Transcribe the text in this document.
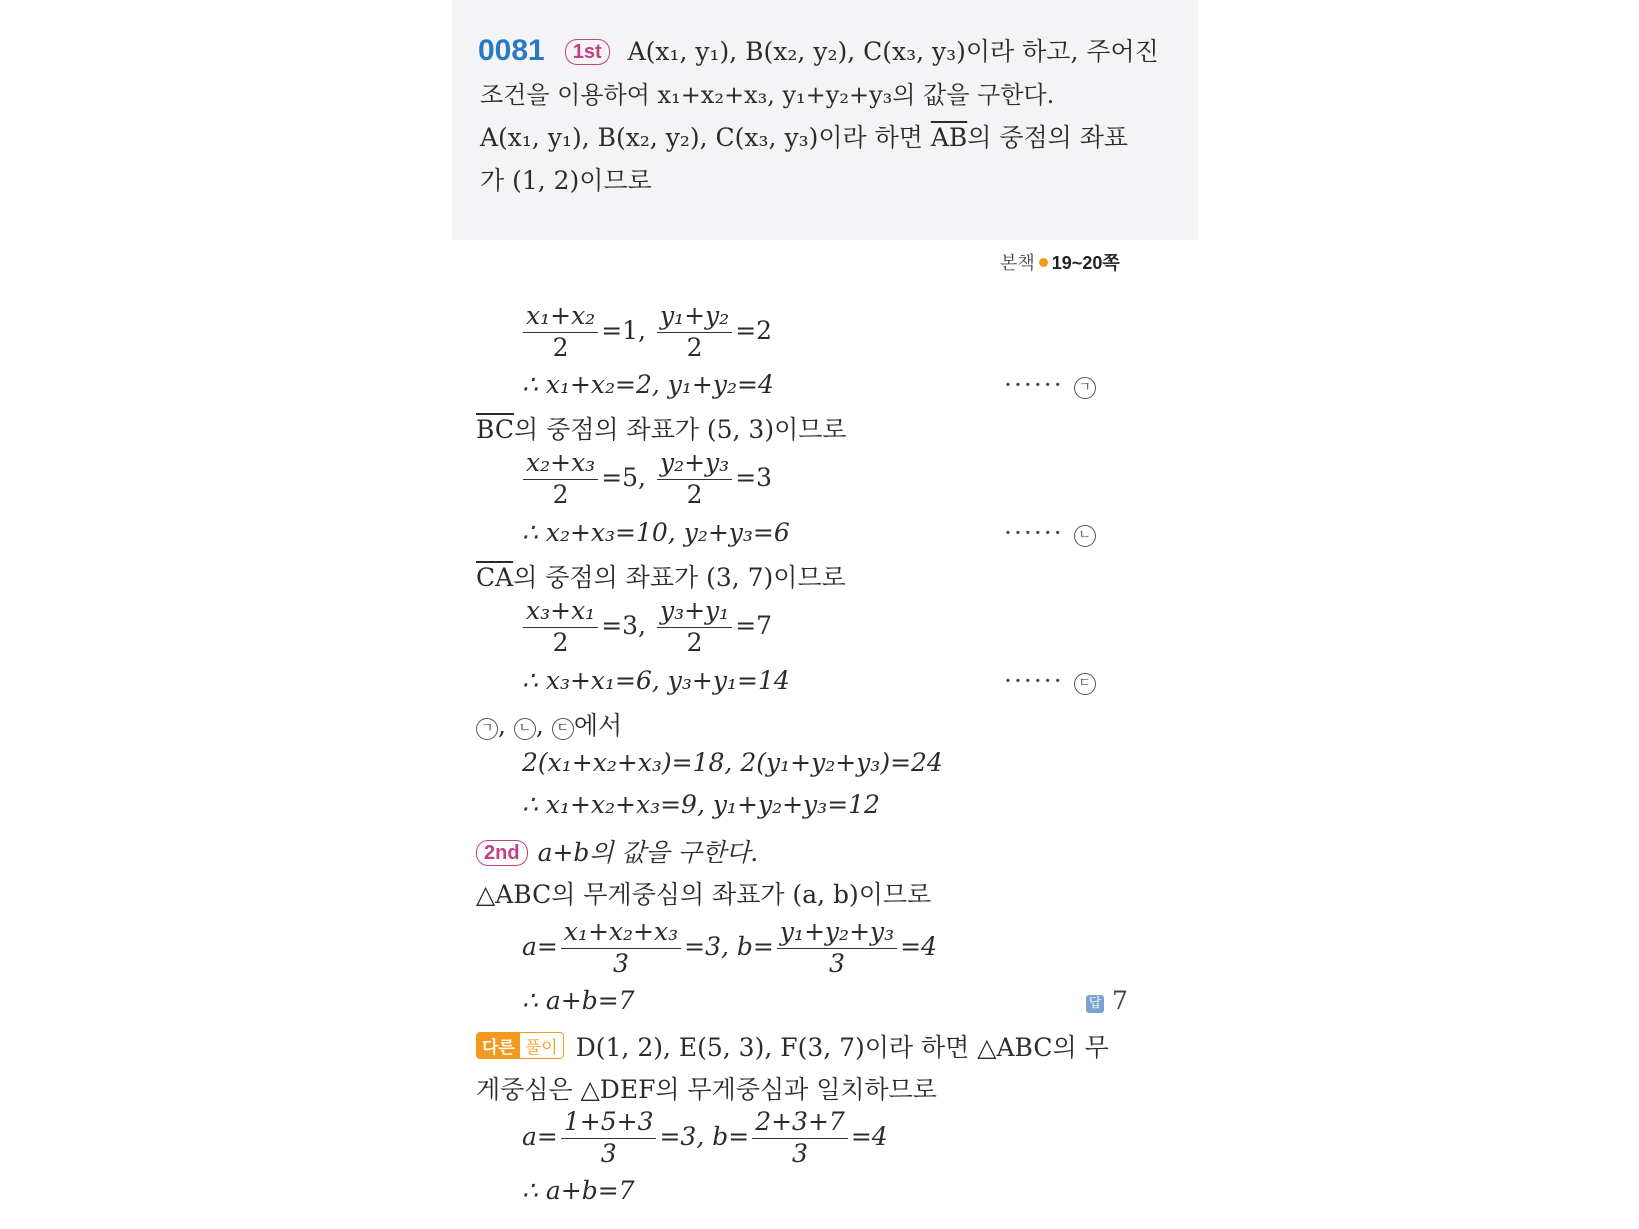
0081 1st A(x₁, y₁), B(x₂, y₂), C(x₃, y₃)이라 하고, 주어진
조건을 이용하여 x₁+x₂+x₃, y₁+y₂+y₃의 값을 구한다.
A(x₁, y₁), B(x₂, y₂), C(x₃, y₃)이라 하면 $\overline{AB}$의 중점의 좌표
가 (1, 2)이므로
본책 19~20쪽
$\frac{\text{x₁+x₂}}{2} =1$, $\frac{\text{y₁+y₂}}{2} =2$
∴ x₁+x₂=2, y₁+y₂=4	······ ㄱ
$\overline{BC}$의 중점의 좌표가 (5, 3)이므로
$\frac{\text{x₂+x₃}}{2} =5$, $\frac{\text{y₂+y₃}}{2} =3$
∴ x₂+x₃=10, y₂+y₃=6	······ ㄴ
$\overline{CA}$의 중점의 좌표가 (3, 7)이므로
$\frac{\text{x₃+x₁}}{2} =3$, $\frac{\text{y₃+y₁}}{2} =7$
∴ x₃+x₁=6, y₃+y₁=14	······ ㄷ
ㄱ , ㄴ , ㄷ 에서
2(x₁+x₂+x₃)=18, 2(y₁+y₂+y₃)=24
∴ x₁+x₂+x₃=9, y₁+y₂+y₃=12
2nd a+b의 값을 구한다.
△ABC의 무게중심의 좌표가 (a, b)이므로
$a= \frac{\text{x₁+x₂+x₃}}{3} =3$, $b= \frac{\text{y₁+y₂+y₃}}{3} =4$
∴ a+b=7	답 7
다른 풀이 D(1, 2), E(5, 3), F(3, 7)이라 하면 △ABC의 무
게중심은 △DEF의 무게중심과 일치하므로
$a= \frac{1+5+3}{3} =3$, $b= \frac{2+3+7}{3} =4$
∴ a+b=7
